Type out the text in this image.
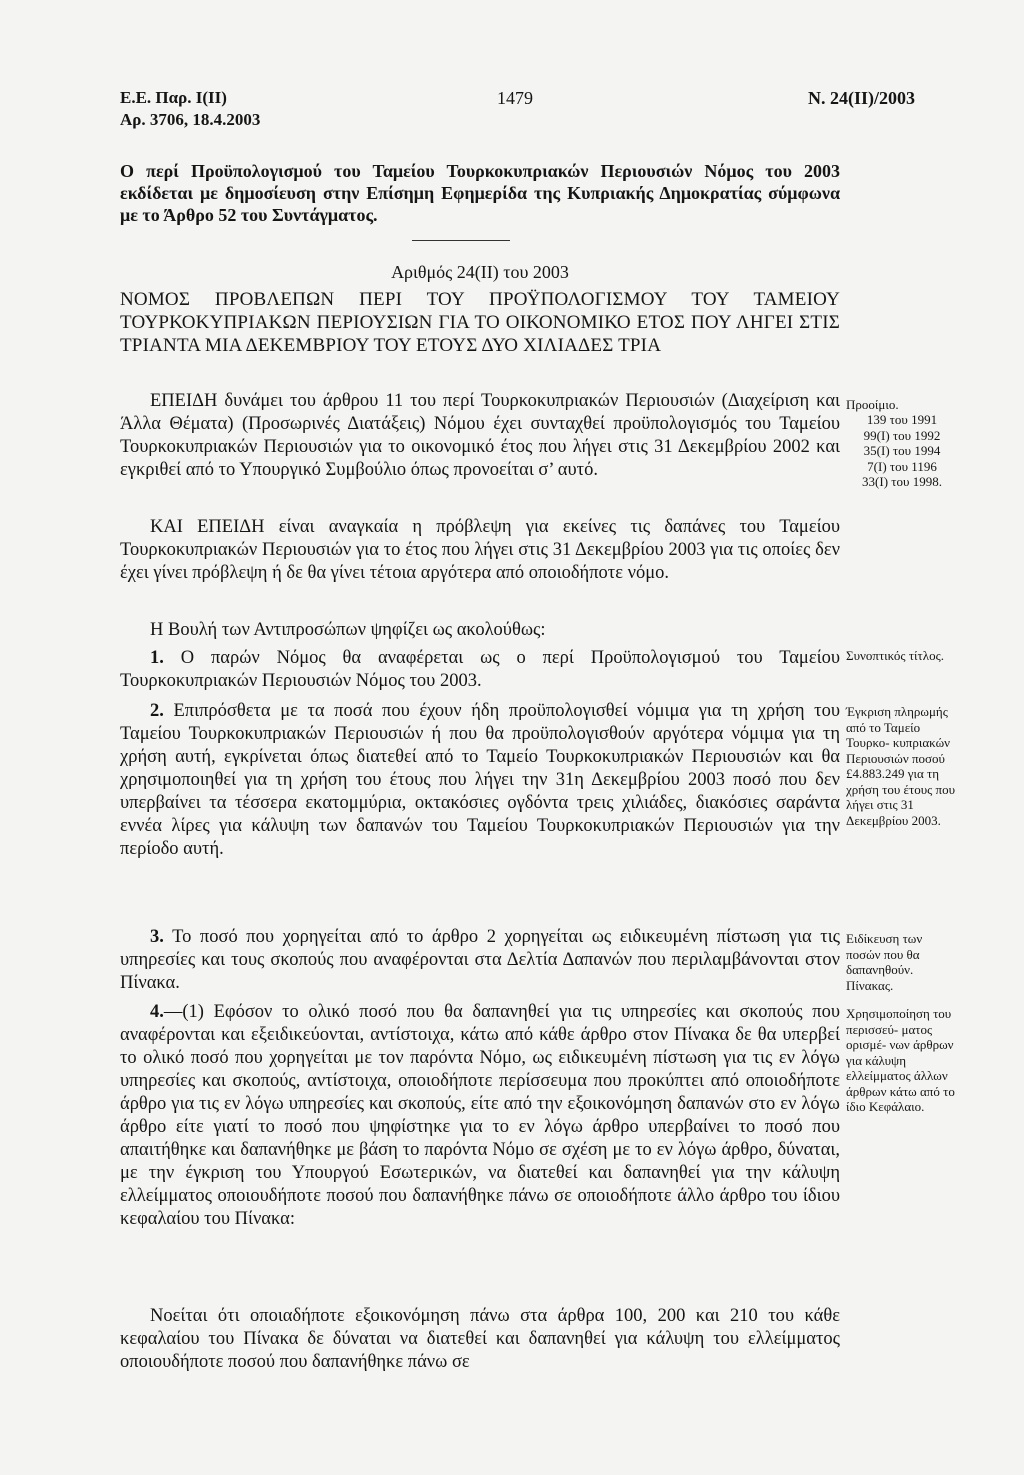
Ε.Ε. Παρ. Ι(ΙΙ)
Αρ. 3706, 18.4.2003
1479	Ν. 24(ΙΙ)/2003
Ο περί Προϋπολογισμού του Ταμείου Τουρκοκυπριακών Περιουσιών Νόμος του 2003 εκδίδεται με δημοσίευση στην Επίσημη Εφημερίδα της Κυπριακής Δημοκρατίας σύμφωνα με το Άρθρο 52 του Συντάγματος.
Αριθμός 24(ΙΙ) του 2003
ΝΟΜΟΣ ΠΡΟΒΛΕΠΩΝ ΠΕΡΙ ΤΟΥ ΠΡΟΫΠΟΛΟΓΙΣΜΟΥ ΤΟΥ ΤΑΜΕΙΟΥ ΤΟΥΡΚΟΚΥΠΡΙΑΚΩΝ ΠΕΡΙΟΥΣΙΩΝ ΓΙΑ ΤΟ ΟΙΚΟΝΟΜΙΚΟ ΕΤΟΣ ΠΟΥ ΛΗΓΕΙ ΣΤΙΣ ΤΡΙΑΝΤΑ ΜΙΑ ΔΕΚΕΜΒΡΙΟΥ ΤΟΥ ΕΤΟΥΣ ΔΥΟ ΧΙΛΙΑΔΕΣ ΤΡΙΑ
ΕΠΕΙΔΗ δυνάμει του άρθρου 11 του περί Τουρκοκυπριακών Περιουσιών (Διαχείριση και Άλλα Θέματα) (Προσωρινές Διατάξεις) Νόμου έχει συνταχθεί προϋπολογισμός του Ταμείου Τουρκοκυπριακών Περιουσιών για το οικονομικό έτος που λήγει στις 31 Δεκεμβρίου 2002 και εγκριθεί από το Υπουργικό Συμβούλιο όπως προνοείται σ’ αυτό.
ΚΑΙ ΕΠΕΙΔΗ είναι αναγκαία η πρόβλεψη για εκείνες τις δαπάνες του Ταμείου Τουρκοκυπριακών Περιουσιών για το έτος που λήγει στις 31 Δεκεμβρίου 2003 για τις οποίες δεν έχει γίνει πρόβλεψη ή δε θα γίνει τέτοια αργότερα από οποιοδήποτε νόμο.
Η Βουλή των Αντιπροσώπων ψηφίζει ως ακολούθως:
1. Ο παρών Νόμος θα αναφέρεται ως ο περί Προϋπολογισμού του Ταμείου Τουρκοκυπριακών Περιουσιών Νόμος του 2003.
2. Επιπρόσθετα με τα ποσά που έχουν ήδη προϋπολογισθεί νόμιμα για τη χρήση του Ταμείου Τουρκοκυπριακών Περιουσιών ή που θα προϋπολογισθούν αργότερα νόμιμα για τη χρήση αυτή, εγκρίνεται όπως διατεθεί από το Ταμείο Τουρκοκυπριακών Περιουσιών και θα χρησιμοποιηθεί για τη χρήση του έτους που λήγει την 31η Δεκεμβρίου 2003 ποσό που δεν υπερβαίνει τα τέσσερα εκατομμύρια, οκτακόσιες ογδόντα τρεις χιλιάδες, διακόσιες σαράντα εννέα λίρες για κάλυψη των δαπανών του Ταμείου Τουρκοκυπριακών Περιουσιών για την περίοδο αυτή.
3. Το ποσό που χορηγείται από το άρθρο 2 χορηγείται ως ειδικευμένη πίστωση για τις υπηρεσίες και τους σκοπούς που αναφέρονται στα Δελτία Δαπανών που περιλαμβάνονται στον Πίνακα.
4.—(1) Εφόσον το ολικό ποσό που θα δαπανηθεί για τις υπηρεσίες και σκοπούς που αναφέρονται και εξειδικεύονται, αντίστοιχα, κάτω από κάθε άρθρο στον Πίνακα δε θα υπερβεί το ολικό ποσό που χορηγείται με τον παρόντα Νόμο, ως ειδικευμένη πίστωση για τις εν λόγω υπηρεσίες και σκοπούς, αντίστοιχα, οποιοδήποτε περίσσευμα που προκύπτει από οποιοδήποτε άρθρο για τις εν λόγω υπηρεσίες και σκοπούς, είτε από την εξοικονόμηση δαπανών στο εν λόγω άρθρο είτε γιατί το ποσό που ψηφίστηκε για το εν λόγω άρθρο υπερβαίνει το ποσό που απαιτήθηκε και δαπανήθηκε με βάση το παρόντα Νόμο σε σχέση με το εν λόγω άρθρο, δύναται, με την έγκριση του Υπουργού Εσωτερικών, να διατεθεί και δαπανηθεί για την κάλυψη ελλείμματος οποιουδήποτε ποσού που δαπανήθηκε πάνω σε οποιοδήποτε άλλο άρθρο του ίδιου κεφαλαίου του Πίνακα:
Νοείται ότι οποιαδήποτε εξοικονόμηση πάνω στα άρθρα 100, 200 και 210 του κάθε κεφαλαίου του Πίνακα δε δύναται να διατεθεί και δαπανηθεί για κάλυψη του ελλείμματος οποιουδήποτε ποσού που δαπανήθηκε πάνω σε
Προοίμιο.
139 του 1991
99(Ι) του 1992
35(Ι) του 1994
7(Ι) του 1196
33(Ι) του 1998.
Συνοπτικός τίτλος.
Έγκριση πληρωμής από το Ταμείο Τουρκο- κυπριακών Περιουσιών ποσού £4.883.249 για τη χρήση του έτους που λήγει στις 31 Δεκεμβρίου 2003.
Ειδίκευση των ποσών που θα δαπανηθούν. Πίνακας.
Χρησιμοποίηση του περισσεύ- ματος ορισμέ- νων άρθρων για κάλυψη ελλείμματος άλλων άρθρων κάτω από το ίδιο Κεφάλαιο.
